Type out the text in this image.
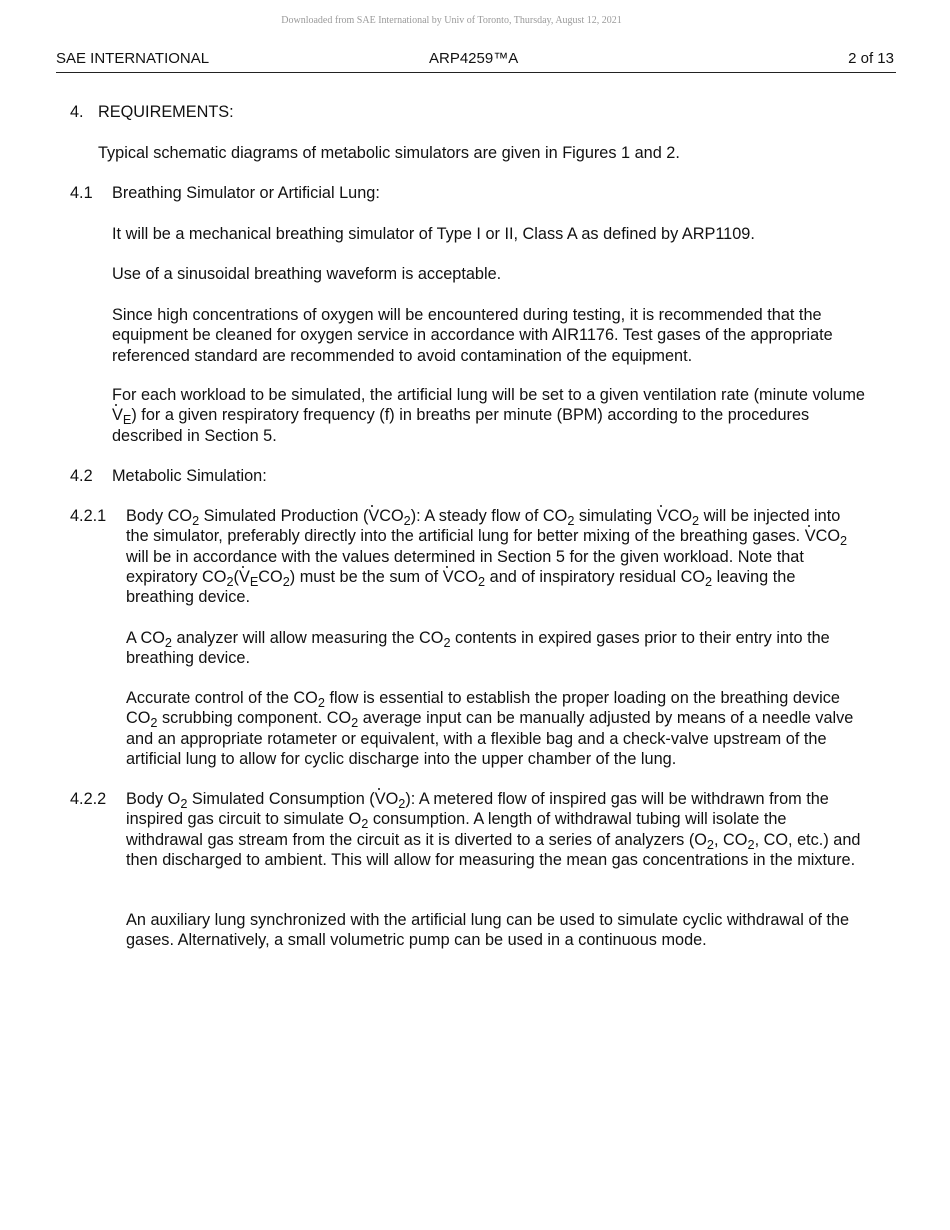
Downloaded from SAE International by Univ of Toronto, Thursday, August 12, 2021
SAE INTERNATIONAL	ARP4259™A	2 of 13
4. REQUIREMENTS:

Typical schematic diagrams of metabolic simulators are given in Figures 1 and 2.

4.1 Breathing Simulator or Artificial Lung:

It will be a mechanical breathing simulator of Type I or II, Class A as defined by ARP1109.

Use of a sinusoidal breathing waveform is acceptable.

Since high concentrations of oxygen will be encountered during testing, it is recommended that the equipment be cleaned for oxygen service in accordance with AIR1176. Test gases of the appropriate referenced standard are recommended to avoid contamination of the equipment.

For each workload to be simulated, the artificial lung will be set to a given ventilation rate (minute volume $V_E$) for a given respiratory frequency (f) in breaths per minute (BPM) according to the procedures described in Section 5.

4.2 Metabolic Simulation:
4.2.1 Body $CO_2$ Simulated Production $(VCO_2)$: A steady flow of $CO_2$ simulating $VCO_2$ will be injected into the simulator, preferably directly into the artificial lung for better mixing of the breathing gases. $VCO_2$ will be in accordance with the values determined in Section 5 for the given workload. Note that expiratory $CO_2(V_ECO_2)$ must be the sum of $VCO_2$ and of inspiratory residual $CO_2$ leaving the breathing device.

A $CO_2$ analyzer will allow measuring the $CO_2$ contents in expired gases prior to their entry into the breathing device.

Accurate control of the $CO_2$ flow is essential to establish the proper loading on the breathing device $CO_2$ scrubbing component. $CO_2$ average input can be manually adjusted by means of a needle valve and an appropriate rotameter or equivalent, with a flexible bag and a check-valve upstream of the artificial lung to allow for cyclic discharge into the upper chamber of the lung.

4.2.2 Body $O_2$ Simulated Consumption $(VO_2)$: A metered flow of inspired gas will be withdrawn from the inspired gas circuit to simulate $O_2$ consumption. A length of withdrawal tubing will isolate the withdrawal gas stream from the circuit as it is diverted to a series of analyzers ($O_2$, $CO_2$, CO, etc.) and then discharged to ambient. This will allow for measuring the mean gas concentrations in the mixture.

An auxiliary lung synchronized with the artificial lung can be used to simulate cyclic withdrawal of the gases. Alternatively, a small volumetric pump can be used in a continuous mode.
